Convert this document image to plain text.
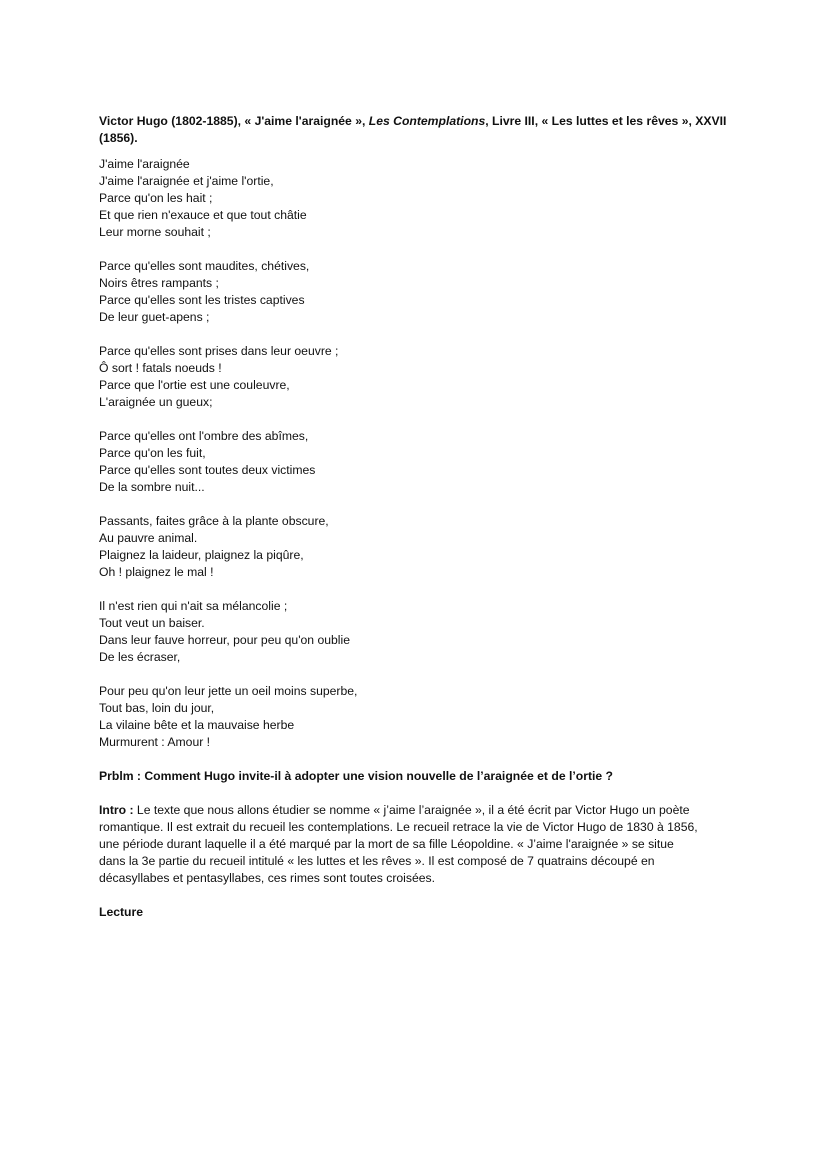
Victor Hugo (1802-1885), « J'aime l'araignée », Les Contemplations, Livre III, « Les luttes et les rêves », XXVII
(1856).
J'aime l'araignée
J'aime l'araignée et j'aime l'ortie,
Parce qu'on les hait ;
Et que rien n'exauce et que tout châtie
Leur morne souhait ;
Parce qu'elles sont maudites, chétives,
Noirs êtres rampants ;
Parce qu'elles sont les tristes captives
De leur guet-apens ;
Parce qu'elles sont prises dans leur oeuvre ;
Ô sort ! fatals noeuds !
Parce que l'ortie est une couleuvre,
L'araignée un gueux;
Parce qu'elles ont l'ombre des abîmes,
Parce qu'on les fuit,
Parce qu'elles sont toutes deux victimes
De la sombre nuit...
Passants, faites grâce à la plante obscure,
Au pauvre animal.
Plaignez la laideur, plaignez la piqûre,
Oh ! plaignez le mal !
Il n'est rien qui n'ait sa mélancolie ;
Tout veut un baiser.
Dans leur fauve horreur, pour peu qu'on oublie
De les écraser,
Pour peu qu'on leur jette un oeil moins superbe,
Tout bas, loin du jour,
La vilaine bête et la mauvaise herbe
Murmurent : Amour !
Prblm : Comment Hugo invite-il à adopter une vision nouvelle de l’araignée et de l’ortie ?
Intro : Le texte que nous allons étudier se nomme « j’aime l’araignée », il a été écrit par Victor Hugo un poète
romantique. Il est extrait du recueil les contemplations. Le recueil retrace la vie de Victor Hugo de 1830 à 1856,
une période durant laquelle il a été marqué par la mort de sa fille Léopoldine. « J’aime l'araignée » se situe
dans la 3e partie du recueil intitulé « les luttes et les rêves ». Il est composé de 7 quatrains découpé en
décasyllabes et pentasyllabes, ces rimes sont toutes croisées.
Lecture
